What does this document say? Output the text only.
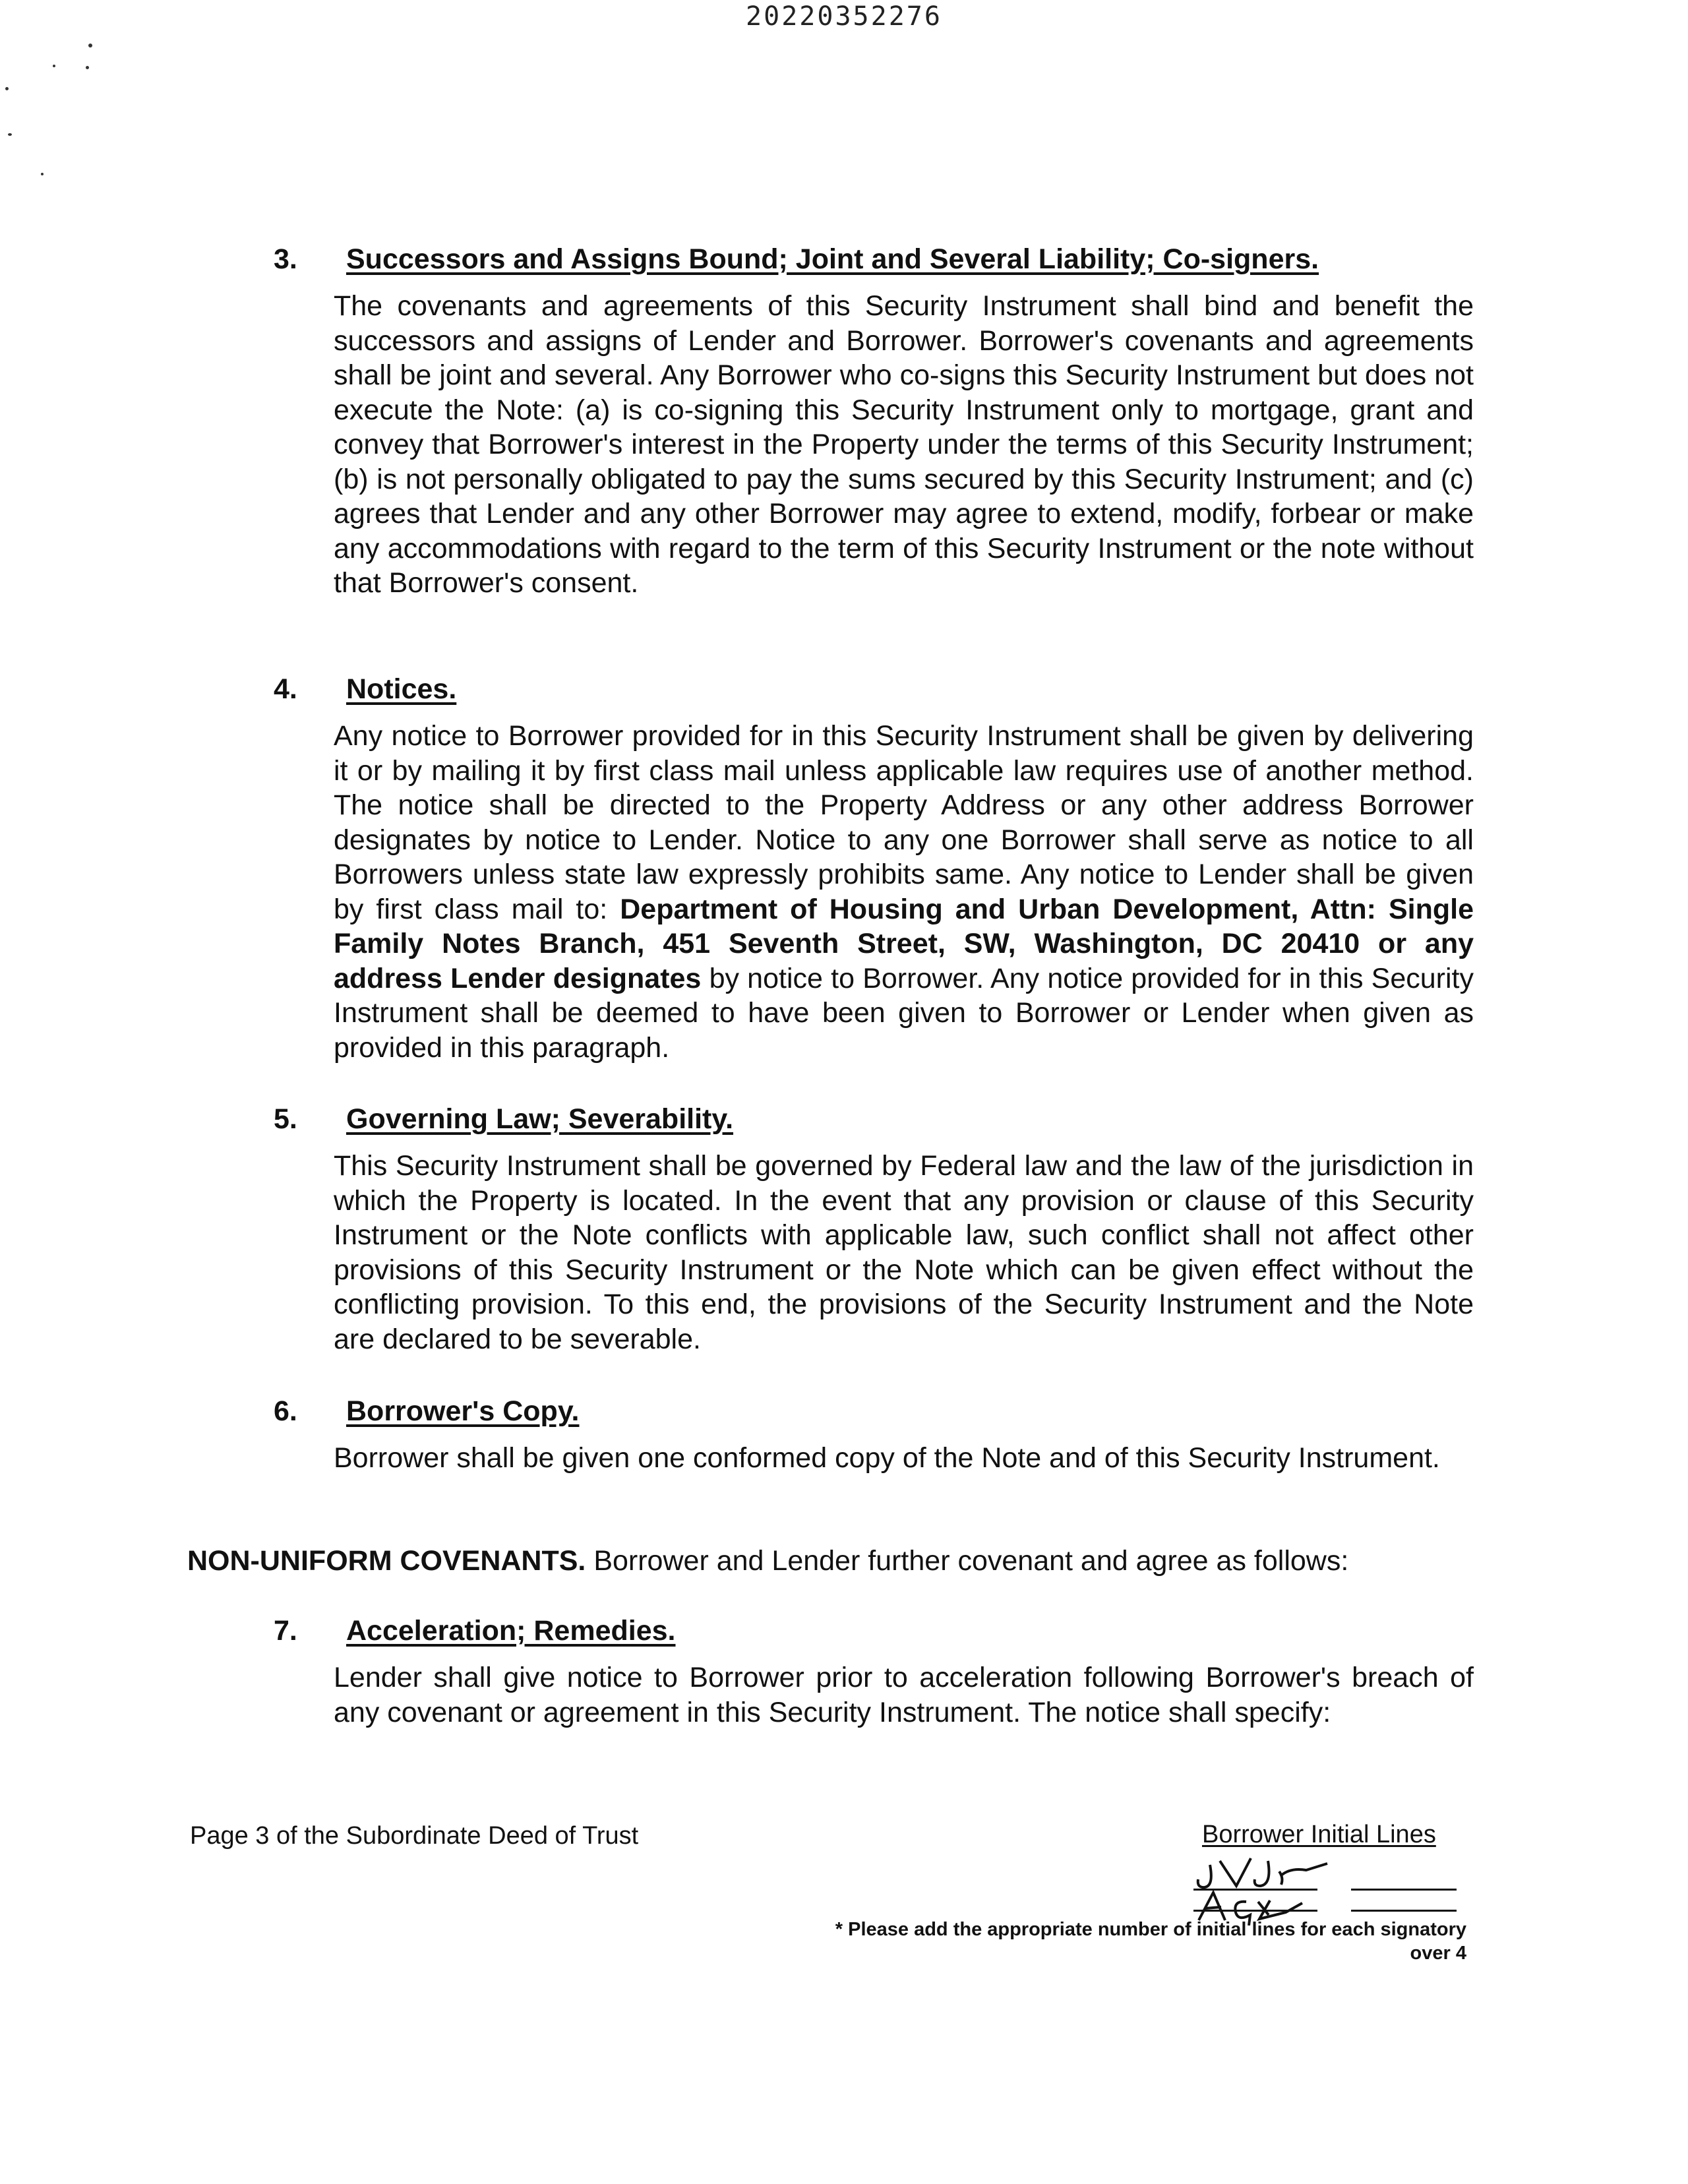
20220352276
3. Successors and Assigns Bound; Joint and Several Liability; Co-signers.
The covenants and agreements of this Security Instrument shall bind and benefit the successors and assigns of Lender and Borrower. Borrower's covenants and agreements shall be joint and several. Any Borrower who co-signs this Security Instrument but does not execute the Note: (a) is co-signing this Security Instrument only to mortgage, grant and convey that Borrower's interest in the Property under the terms of this Security Instrument; (b) is not personally obligated to pay the sums secured by this Security Instrument; and (c) agrees that Lender and any other Borrower may agree to extend, modify, forbear or make any accommodations with regard to the term of this Security Instrument or the note without that Borrower's consent.
4. Notices.
Any notice to Borrower provided for in this Security Instrument shall be given by delivering it or by mailing it by first class mail unless applicable law requires use of another method. The notice shall be directed to the Property Address or any other address Borrower designates by notice to Lender. Notice to any one Borrower shall serve as notice to all Borrowers unless state law expressly prohibits same. Any notice to Lender shall be given by first class mail to: Department of Housing and Urban Development, Attn: Single Family Notes Branch, 451 Seventh Street, SW, Washington, DC 20410 or any address Lender designates by notice to Borrower. Any notice provided for in this Security Instrument shall be deemed to have been given to Borrower or Lender when given as provided in this paragraph.
5. Governing Law; Severability.
This Security Instrument shall be governed by Federal law and the law of the jurisdiction in which the Property is located. In the event that any provision or clause of this Security Instrument or the Note conflicts with applicable law, such conflict shall not affect other provisions of this Security Instrument or the Note which can be given effect without the conflicting provision. To this end, the provisions of the Security Instrument and the Note are declared to be severable.
6. Borrower's Copy.
Borrower shall be given one conformed copy of the Note and of this Security Instrument.
NON-UNIFORM COVENANTS. Borrower and Lender further covenant and agree as follows:
7. Acceleration; Remedies.
Lender shall give notice to Borrower prior to acceleration following Borrower's breach of any covenant or agreement in this Security Instrument. The notice shall specify:
Page 3 of the Subordinate Deed of Trust	Borrower Initial Lines
JVJr
AGY
* Please add the appropriate number of initial lines for each signatory
over 4
